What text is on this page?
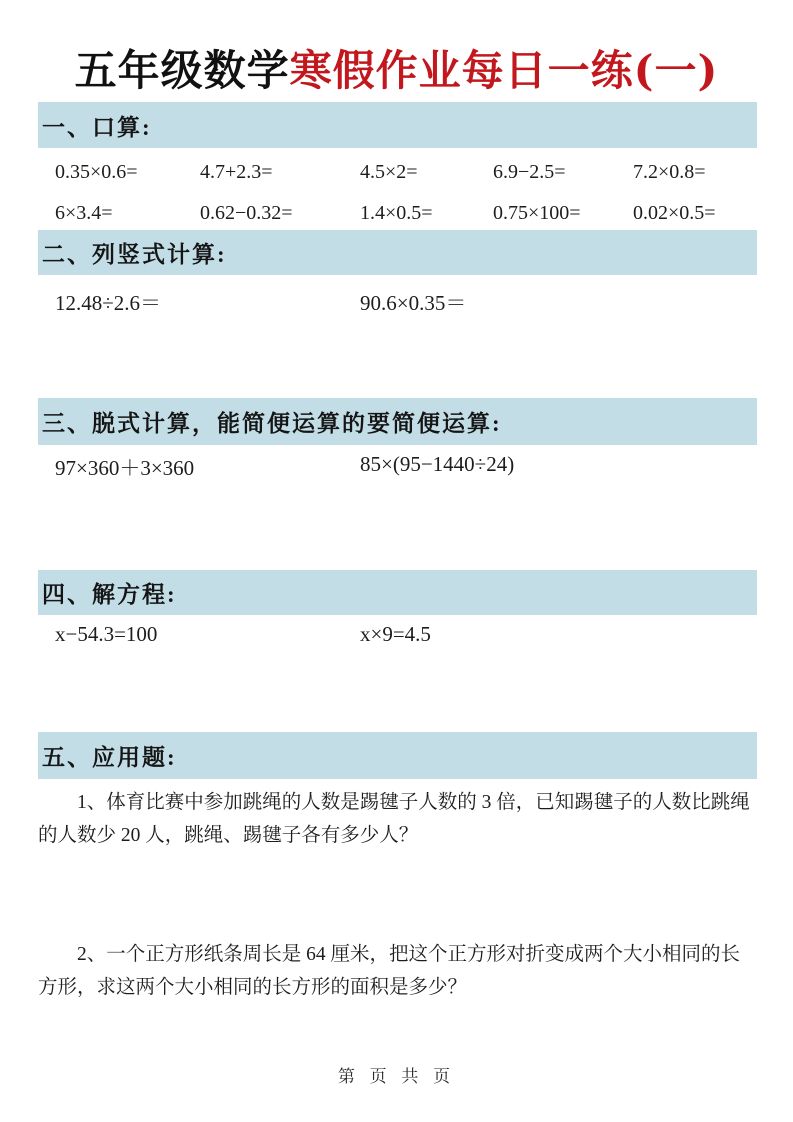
五年级数学寒假作业每日一练(一)
一、口算:
0.35×0.6=	4.7+2.3=	4.5×2=	6.9−2.5=	7.2×0.8=
6×3.4=	0.62−0.32=	1.4×0.5=	0.75×100=	0.02×0.5=
二、列竖式计算:
12.48÷2.6＝	90.6×0.35＝
三、脱式计算，能简便运算的要简便运算:
97×360＋3×360	85×(95−1440÷24)
四、解方程:
x−54.3=100	x×9=4.5
五、应用题:

1、体育比赛中参加跳绳的人数是踢毽子人数的 3 倍，已知踢毽子的人数比跳绳的人数少 20 人，跳绳、踢毽子各有多少人？

2、一个正方形纸条周长是 64 厘米，把这个正方形对折变成两个大小相同的长方形，求这两个大小相同的长方形的面积是多少？

第 页 共 页
